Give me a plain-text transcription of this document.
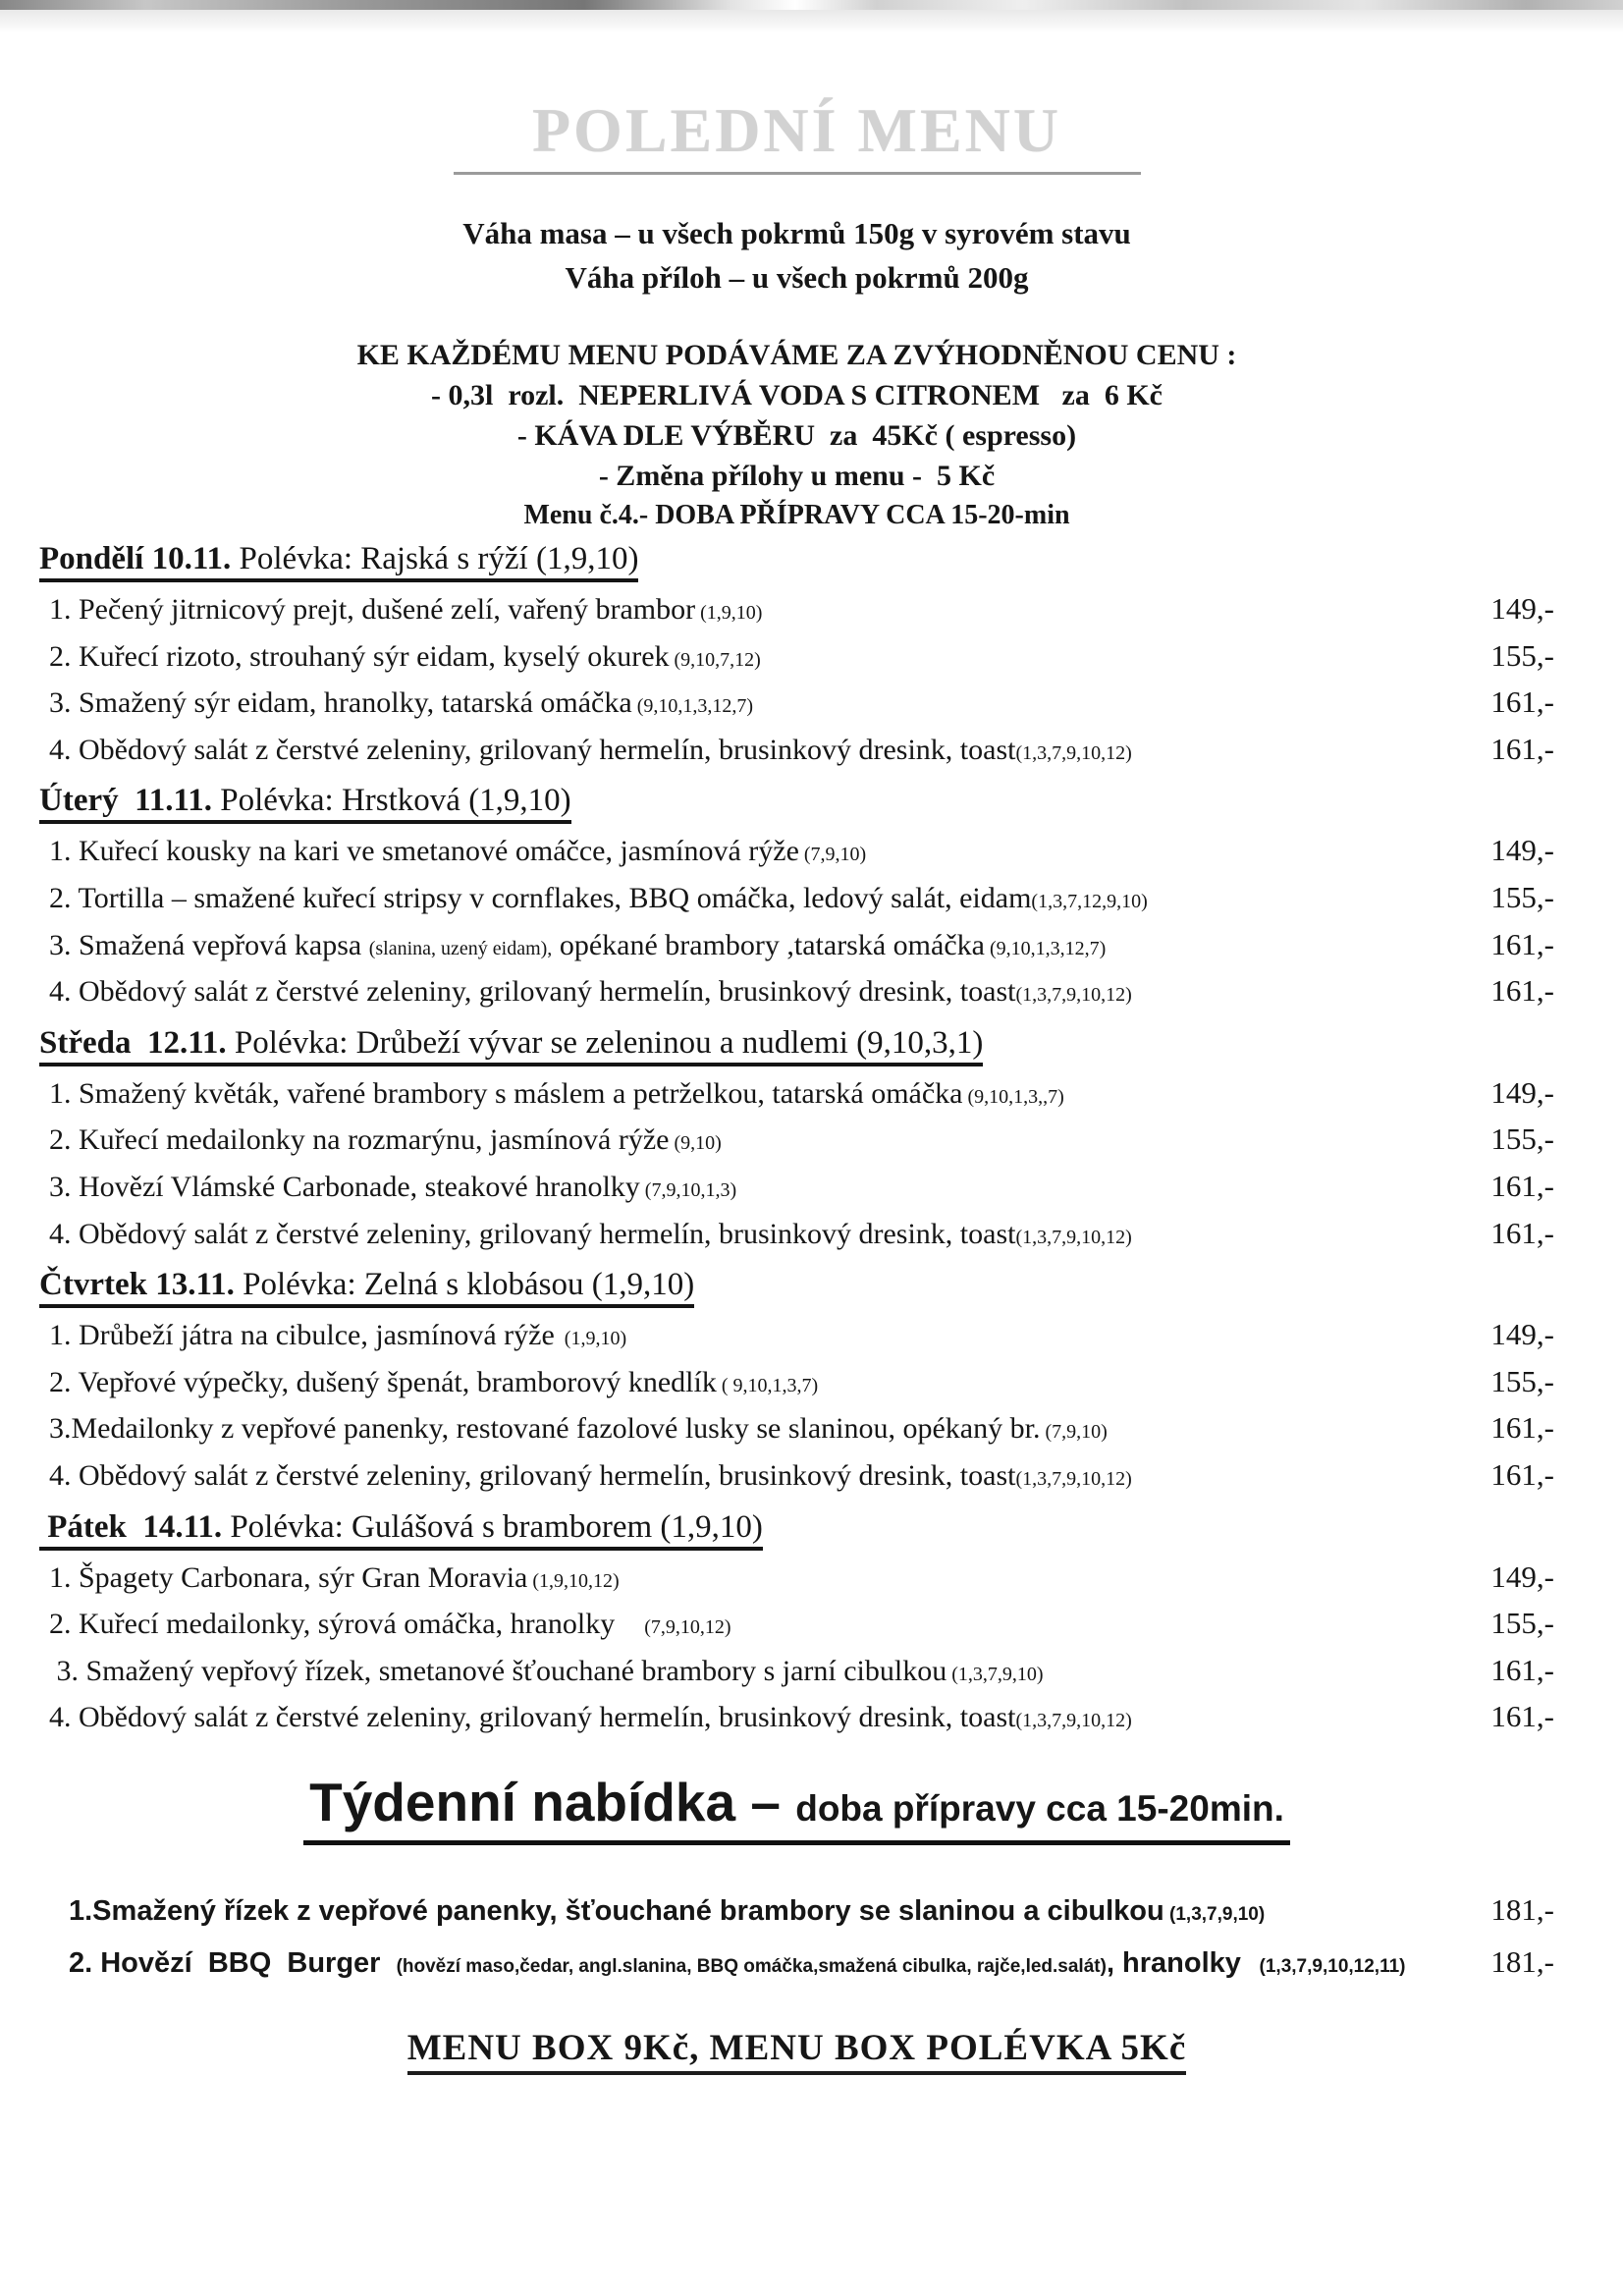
POLEDNÍ MENU

Váha masa – u všech pokrmů 150g v syrovém stavu

Váha příloh – u všech pokrmů 200g

KE KAŽDÉMU MENU PODÁVÁME ZA ZVÝHODNĚNOU CENU :

- 0,3l  rozl.  NEPERLIVÁ VODA S CITRONEM   za  6 Kč

- KÁVA DLE VÝBĚRU  za  45Kč ( espresso)

- Změna přílohy u menu -  5 Kč

Menu č.4.- DOBA PŘÍPRAVY CCA 15-20-min

Pondělí 10.11. Polévka: Rajská s rýží (1,9,10)
1. Pečený jitrnicový prejt, dušené zelí, vařený brambor (1,9,10)	149,-
2. Kuřecí rizoto, strouhaný sýr eidam, kyselý okurek (9,10,7,12)	155,-
3. Smažený sýr eidam, hranolky, tatarská omáčka (9,10,1,3,12,7)	161,-
4. Obědový salát z čerstvé zeleniny, grilovaný hermelín, brusinkový dresink, toast(1,3,7,9,10,12)	161,-
Úterý  11.11. Polévka: Hrstková (1,9,10)
1. Kuřecí kousky na kari ve smetanové omáčce, jasmínová rýže (7,9,10)	149,-
2. Tortilla – smažené kuřecí stripsy v cornflakes, BBQ omáčka, ledový salát, eidam(1,3,7,12,9,10)	155,-
3. Smažená vepřová kapsa (slanina, uzený eidam), opékané brambory ,tatarská omáčka (9,10,1,3,12,7)	161,-
4. Obědový salát z čerstvé zeleniny, grilovaný hermelín, brusinkový dresink, toast(1,3,7,9,10,12)	161,-
Středa  12.11. Polévka: Drůbeží vývar se zeleninou a nudlemi (9,10,3,1)
1. Smažený květák, vařené brambory s máslem a petrželkou, tatarská omáčka (9,10,1,3,,7)	149,-
2. Kuřecí medailonky na rozmarýnu, jasmínová rýže (9,10)	155,-
3. Hovězí Vlámské Carbonade, steakové hranolky (7,9,10,1,3)	161,-
4. Obědový salát z čerstvé zeleniny, grilovaný hermelín, brusinkový dresink, toast(1,3,7,9,10,12)	161,-
Čtvrtek 13.11. Polévka: Zelná s klobásou (1,9,10)
1. Drůbeží játra na cibulce, jasmínová rýže  (1,9,10)	149,-
2. Vepřové výpečky, dušený špenát, bramborový knedlík ( 9,10,1,3,7)	155,-
3.Medailonky z vepřové panenky, restované fazolové lusky se slaninou, opékaný br. (7,9,10)	161,-
4. Obědový salát z čerstvé zeleniny, grilovaný hermelín, brusinkový dresink, toast(1,3,7,9,10,12)	161,-
Pátek  14.11. Polévka: Gulášová s bramborem (1,9,10)
1. Špagety Carbonara, sýr Gran Moravia (1,9,10,12)	149,-
2. Kuřecí medailonky, sýrová omáčka, hranolky      (7,9,10,12)	155,-
3. Smažený vepřový řízek, smetanové šťouchané brambory s jarní cibulkou (1,3,7,9,10)	161,-
4. Obědový salát z čerstvé zeleniny, grilovaný hermelín, brusinkový dresink, toast(1,3,7,9,10,12)	161,-
Týdenní nabídka – doba přípravy cca 15-20min.
1.Smažený řízek z vepřové panenky, šťouchané brambory se slaninou a cibulkou (1,3,7,9,10)	181,-
2. Hovězí  BBQ  Burger  (hovězí maso,čedar, angl.slanina, BBQ omáčka,smažená cibulka, rajče,led.salát), hranolky   (1,3,7,9,10,12,11)	181,-
MENU BOX 9Kč, MENU BOX POLÉVKA 5Kč
